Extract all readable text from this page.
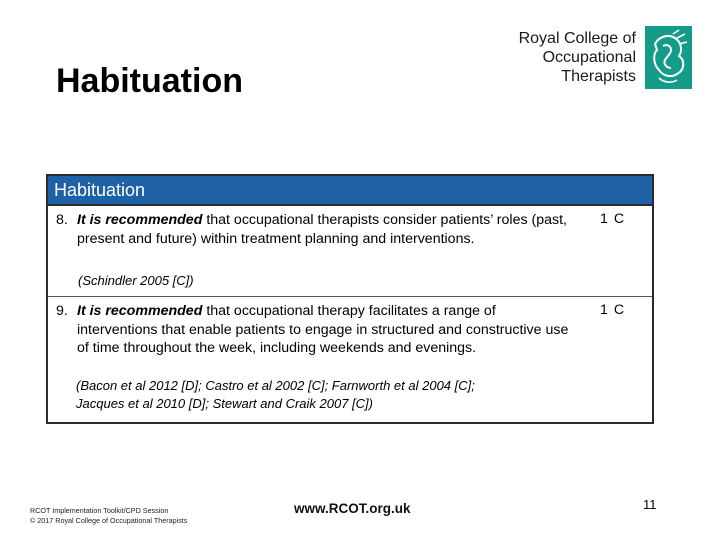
Habituation
Royal College of
Occupational
Therapists
Habituation
8. It is recommended that occupational therapists consider patients’ roles (past, present and future) within treatment planning and interventions.
(Schindler 2005 [C])
1 C
9. It is recommended that occupational therapy facilitates a range of interventions that enable patients to engage in structured and constructive use of time throughout the week, including weekends and evenings.
(Bacon et al 2012 [D]; Castro et al 2002 [C]; Farnworth et al 2004 [C];
Jacques et al 2010 [D]; Stewart and Craik 2007 [C])
1 C
RCOT Implementation Toolkit/CPD Session
© 2017 Royal College of Occupational Therapists
www.RCOT.org.uk	11
